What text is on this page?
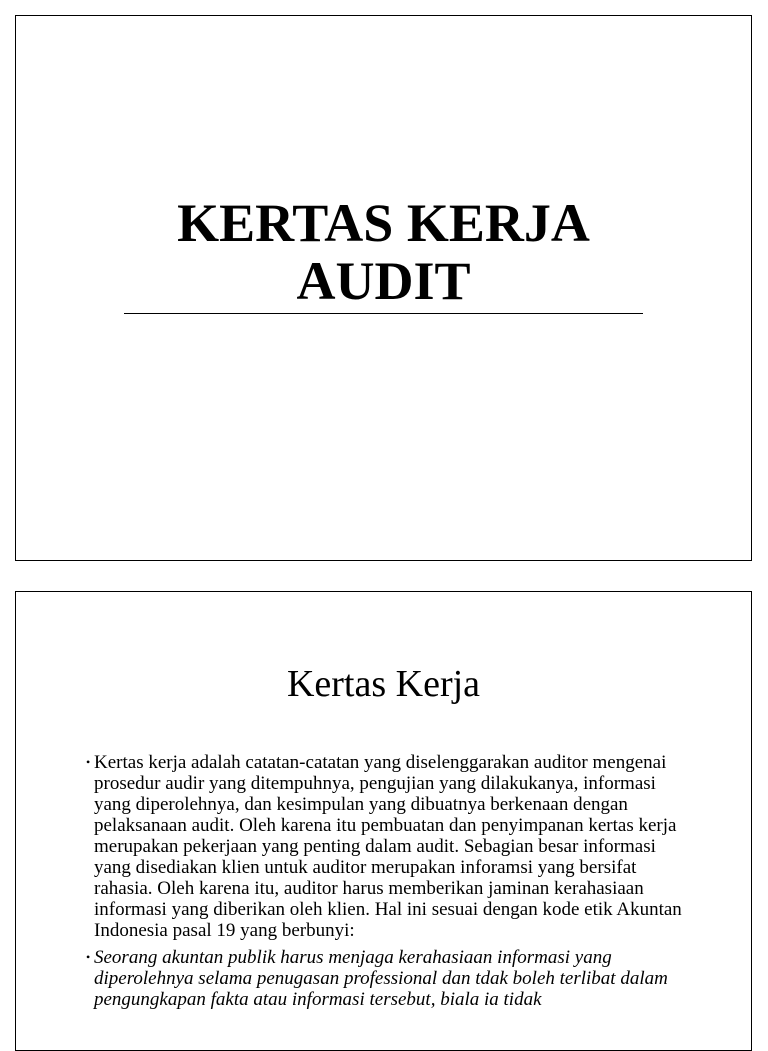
KERTAS KERJA
AUDIT
Kertas Kerja
• Kertas kerja adalah catatan-catatan yang diselenggarakan auditor mengenai prosedur audir yang ditempuhnya, pengujian yang dilakukanya, informasi yang diperolehnya, dan kesimpulan yang dibuatnya berkenaan dengan pelaksanaan audit. Oleh karena itu pembuatan dan penyimpanan kertas kerja merupakan pekerjaan yang penting dalam audit. Sebagian besar informasi yang disediakan klien untuk auditor merupakan inforamsi yang bersifat rahasia. Oleh karena itu, auditor harus memberikan jaminan kerahasiaan informasi yang diberikan oleh klien. Hal ini sesuai dengan kode etik Akuntan Indonesia pasal 19 yang berbunyi:
• Seorang akuntan publik harus menjaga kerahasiaan informasi yang diperolehnya selama penugasan professional dan tdak boleh terlibat dalam pengungkapan fakta atau informasi tersebut, biala ia tidak
